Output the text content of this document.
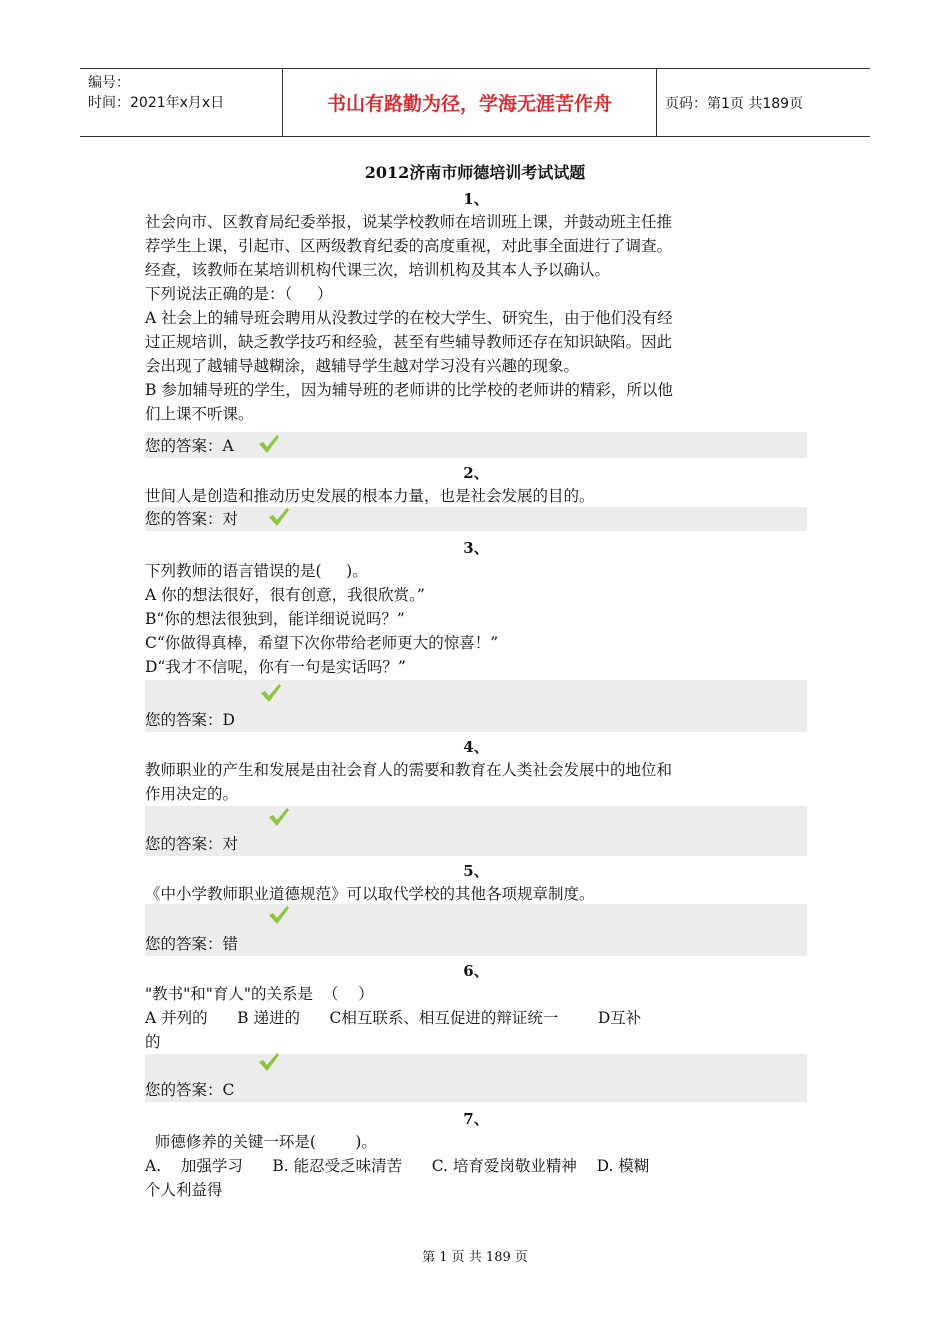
编号：
时间：2021年x月x日	书山有路勤为径，学海无涯苦作舟	页码：第1页 共189页
2012济南市师德培训考试试题
1、
社会向市、区教育局纪委举报，说某学校教师在培训班上课，并鼓动班主任推
荐学生上课，引起市、区两级教育纪委的高度重视，对此事全面进行了调查。
经查，该教师在某培训机构代课三次，培训机构及其本人予以确认。
下列说法正确的是：（     ）
A 社会上的辅导班会聘用从没教过学的在校大学生、研究生，由于他们没有经
过正规培训，缺乏教学技巧和经验，甚至有些辅导教师还存在知识缺陷。因此
会出现了越辅导越糊涂，越辅导学生越对学习没有兴趣的现象。
B 参加辅导班的学生，因为辅导班的老师讲的比学校的老师讲的精彩，所以他
们上课不听课。
您的答案：A
2、
世间人是创造和推动历史发展的根本力量，也是社会发展的目的。
您的答案：对
3、
下列教师的语言错误的是(     )。
A 你的想法很好，很有创意，我很欣赏。”
B“你的想法很独到，能详细说说吗？”
C“你做得真棒，希望下次你带给老师更大的惊喜！”
D“我才不信呢，你有一句是实话吗？”
您的答案：D
4、
教师职业的产生和发展是由社会育人的需要和教育在人类社会发展中的地位和
作用决定的。
您的答案：对
5、
《中小学教师职业道德规范》可以取代学校的其他各项规章制度。
您的答案：错
6、
"教书"和"育人"的关系是  （    ）
A 并列的      B 递进的      C相互联系、相互促进的辩证统一        D互补
的
您的答案：C
7、
师德修养的关键一环是(        )。
A.    加强学习      B. 能忍受乏味清苦      C. 培育爱岗敬业精神    D. 模糊
个人利益得
第 1 页 共 189 页
